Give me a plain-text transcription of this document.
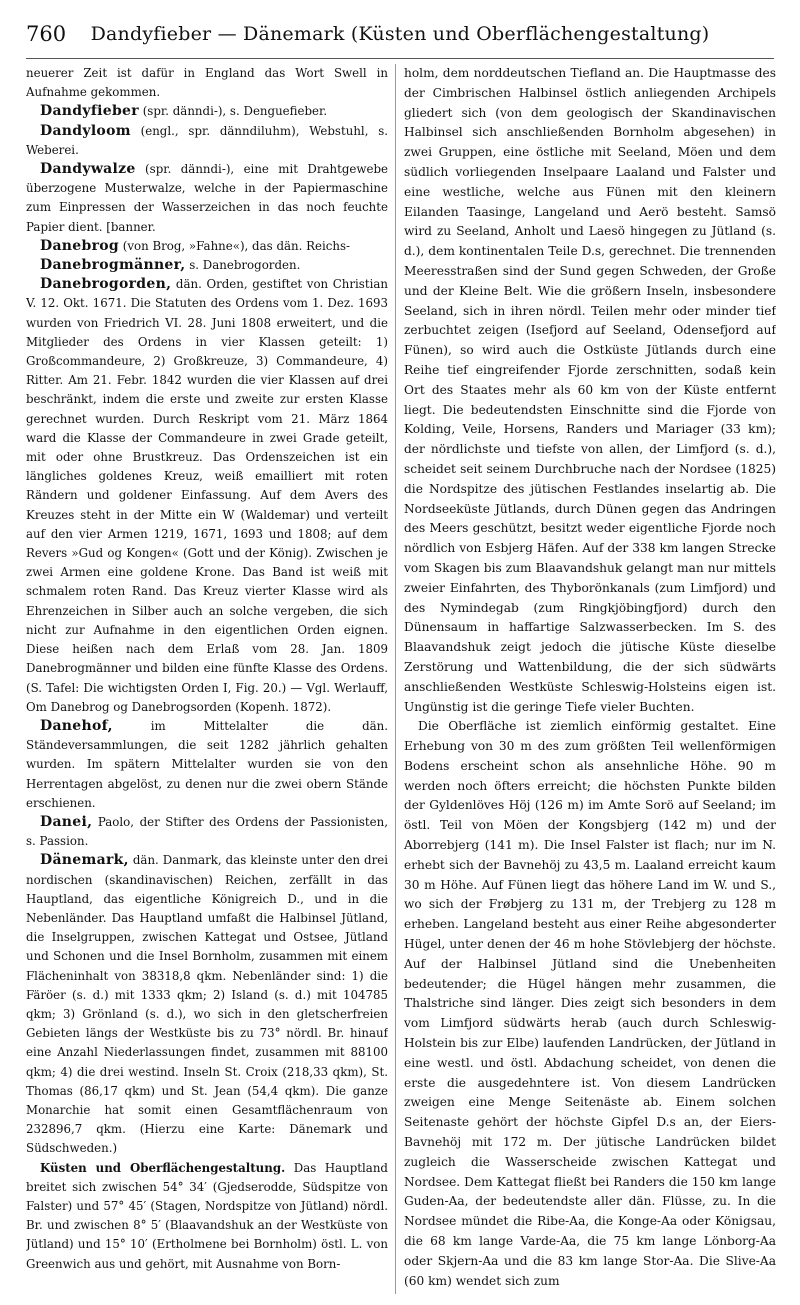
760	Dandyfieber — Dänemark (Küsten und Oberflächengestaltung)

neuerer Zeit ist dafür in England das Wort Swell in Aufnahme gekommen.

Dandyfieber (spr. dänndi-), s. Denguefieber.

Dandyloom (engl., spr. dänndiluhm), Webstuhl, s. Weberei.

Dandywalze (spr. dänndi-), eine mit Drahtgewebe überzogene Musterwalze, welche in der Papiermaschine zum Einpressen der Wasserzeichen in das noch feuchte Papier dient. [banner.

Danebrog (von Brog, »Fahne«), das dän. Reichs-

Danebrogmänner, s. Danebrogorden.

Danebrogorden, dän. Orden, gestiftet von Christian V. 12. Okt. 1671. Die Statuten des Ordens vom 1. Dez. 1693 wurden von Friedrich VI. 28. Juni 1808 erweitert, und die Mitglieder des Ordens in vier Klassen geteilt: 1) Großcommandeure, 2) Großkreuze, 3) Commandeure, 4) Ritter. Am 21. Febr. 1842 wurden die vier Klassen auf drei beschränkt, indem die erste und zweite zur ersten Klasse gerechnet wurden. Durch Reskript vom 21. März 1864 ward die Klasse der Commandeure in zwei Grade geteilt, mit oder ohne Brustkreuz. Das Ordenszeichen ist ein längliches goldenes Kreuz, weiß emailliert mit roten Rändern und goldener Einfassung. Auf dem Avers des Kreuzes steht in der Mitte ein W (Waldemar) und verteilt auf den vier Armen 1219, 1671, 1693 und 1808; auf dem Revers »Gud og Kongen« (Gott und der König). Zwischen je zwei Armen eine goldene Krone. Das Band ist weiß mit schmalem roten Rand. Das Kreuz vierter Klasse wird als Ehrenzeichen in Silber auch an solche vergeben, die sich nicht zur Aufnahme in den eigentlichen Orden eignen. Diese heißen nach dem Erlaß vom 28. Jan. 1809 Danebrogmänner und bilden eine fünfte Klasse des Ordens. (S. Tafel: Die wichtigsten Orden I, Fig. 20.) — Vgl. Werlauff, Om Danebrog og Danebrogsorden (Kopenh. 1872).

Danehof,	im Mittelalter die dän. Ständeversammlungen, die seit 1282 jährlich gehalten wurden. Im spätern Mittelalter wurden sie von den Herrentagen abgelöst, zu denen nur die zwei obern Stände erschienen.

Danei, Paolo, der Stifter des Ordens der Passionisten, s. Passion.

Dänemark, dän. Danmark, das kleinste unter den drei nordischen (skandinavischen) Reichen, zerfällt in das Hauptland, das eigentliche Königreich D., und in die Nebenländer. Das Hauptland umfaßt die Halbinsel Jütland, die Inselgruppen, zwischen Kattegat und Ostsee, Jütland und Schonen und die Insel Bornholm, zusammen mit einem Flächeninhalt von 38318,8 qkm. Nebenländer sind: 1) die Färöer (s. d.) mit 1333 qkm; 2) Island (s. d.) mit 104785 qkm; 3) Grönland (s. d.), wo sich in den gletscherfreien Gebieten längs der Westküste bis zu 73° nördl. Br. hinauf eine Anzahl Niederlassungen findet, zusammen mit 88100 qkm; 4) die drei westind. Inseln St. Croix (218,33 qkm), St. Thomas (86,17 qkm) und St. Jean (54,4 qkm). Die ganze Monarchie hat somit einen Gesamtflächenraum von 232896,7 qkm. (Hierzu eine Karte: Dänemark und Südschweden.)

Küsten und Oberflächengestaltung. Das Hauptland breitet sich zwischen 54° 34′ (Gjedserodde, Südspitze von Falster) und 57° 45′ (Stagen, Nordspitze von Jütland) nördl. Br. und zwischen 8° 5′ (Blaavandshuk an der Westküste von Jütland) und 15° 10′ (Ertholmene bei Bornholm) östl. L. von Greenwich aus und gehört, mit Ausnahme von Born-

holm, dem norddeutschen Tiefland an. Die Hauptmasse des der Cimbrischen Halbinsel östlich anliegenden Archipels gliedert sich (von dem geologisch der Skandinavischen Halbinsel sich anschließenden Bornholm abgesehen) in zwei Gruppen, eine östliche mit Seeland, Möen und dem südlich vorliegenden Inselpaare Laaland und Falster und eine westliche, welche aus Fünen mit den kleinern Eilanden Taasinge, Langeland und Aerö besteht. Samsö wird zu Seeland, Anholt und Laesö hingegen zu Jütland (s. d.), dem kontinentalen Teile D.s, gerechnet. Die trennenden Meeresstraßen sind der Sund gegen Schweden, der Große und der Kleine Belt. Wie die größern Inseln, insbesondere Seeland, sich in ihren nördl. Teilen mehr oder minder tief zerbuchtet zeigen (Isefjord auf Seeland, Odensefjord auf Fünen), so wird auch die Ostküste Jütlands durch eine Reihe tief eingreifender Fjorde zerschnitten, sodaß kein Ort des Staates mehr als 60 km von der Küste entfernt liegt. Die bedeutendsten Einschnitte sind die Fjorde von Kolding, Veile, Horsens, Randers und Mariager (33 km); der nördlichste und tiefste von allen, der Limfjord (s. d.), scheidet seit seinem Durchbruche nach der Nordsee (1825) die Nordspitze des jütischen Festlandes inselartig ab. Die Nordseeküste Jütlands, durch Dünen gegen das Andringen des Meers geschützt, besitzt weder eigentliche Fjorde noch nördlich von Esbjerg Häfen. Auf der 338 km langen Strecke vom Skagen bis zum Blaavandshuk gelangt man nur mittels zweier Einfahrten, des Thyborönkanals (zum Limfjord) und des Nymindegab (zum Ringkjöbingfjord) durch den Dünensaum in haffartige Salzwasserbecken. Im S. des Blaavandshuk zeigt jedoch die jütische Küste dieselbe Zerstörung und Wattenbildung, die der sich südwärts anschließenden Westküste Schleswig-Holsteins eigen ist. Ungünstig ist die geringe Tiefe vieler Buchten.

Die Oberfläche ist ziemlich einförmig gestaltet. Eine Erhebung von 30 m des zum größten Teil wellenförmigen Bodens erscheint schon als ansehnliche Höhe. 90 m werden noch öfters erreicht; die höchsten Punkte bilden der Gyldenlöves Höj (126 m) im Amte Sorö auf Seeland; im östl. Teil von Möen der Kongsbjerg (142 m) und der Aborrebjerg (141 m). Die Insel Falster ist flach; nur im N. erhebt sich der Bavnehöj zu 43,5 m. Laaland erreicht kaum 30 m Höhe. Auf Fünen liegt das höhere Land im W. und S., wo sich der Frøbjerg zu 131 m, der Trebjerg zu 128 m erheben. Langeland besteht aus einer Reihe abgesonderter Hügel, unter denen der 46 m hohe Stövlebjerg der höchste. Auf der Halbinsel Jütland sind die Unebenheiten bedeutender; die Hügel hängen mehr zusammen, die Thalstriche sind länger. Dies zeigt sich besonders in dem vom Limfjord südwärts herab (auch durch Schleswig-Holstein bis zur Elbe) laufenden Landrücken, der Jütland in eine westl. und östl. Abdachung scheidet, von denen die erste die ausgedehntere ist. Von diesem Landrücken zweigen eine Menge Seitenäste ab. Einem solchen Seitenaste gehört der höchste Gipfel D.s an, der Eiers-Bavnehöj mit 172 m. Der jütische Landrücken bildet zugleich die Wasserscheide zwischen Kattegat und Nordsee. Dem Kattegat fließt bei Randers die 150 km lange Guden-Aa, der bedeutendste aller dän. Flüsse, zu. In die Nordsee mündet die Ribe-Aa, die Konge-Aa oder Königsau, die 68 km lange Varde-Aa, die 75 km lange Lönborg-Aa oder Skjern-Aa und die 83 km lange Stor-Aa. Die Slive-Aa (60 km) wendet sich zum
